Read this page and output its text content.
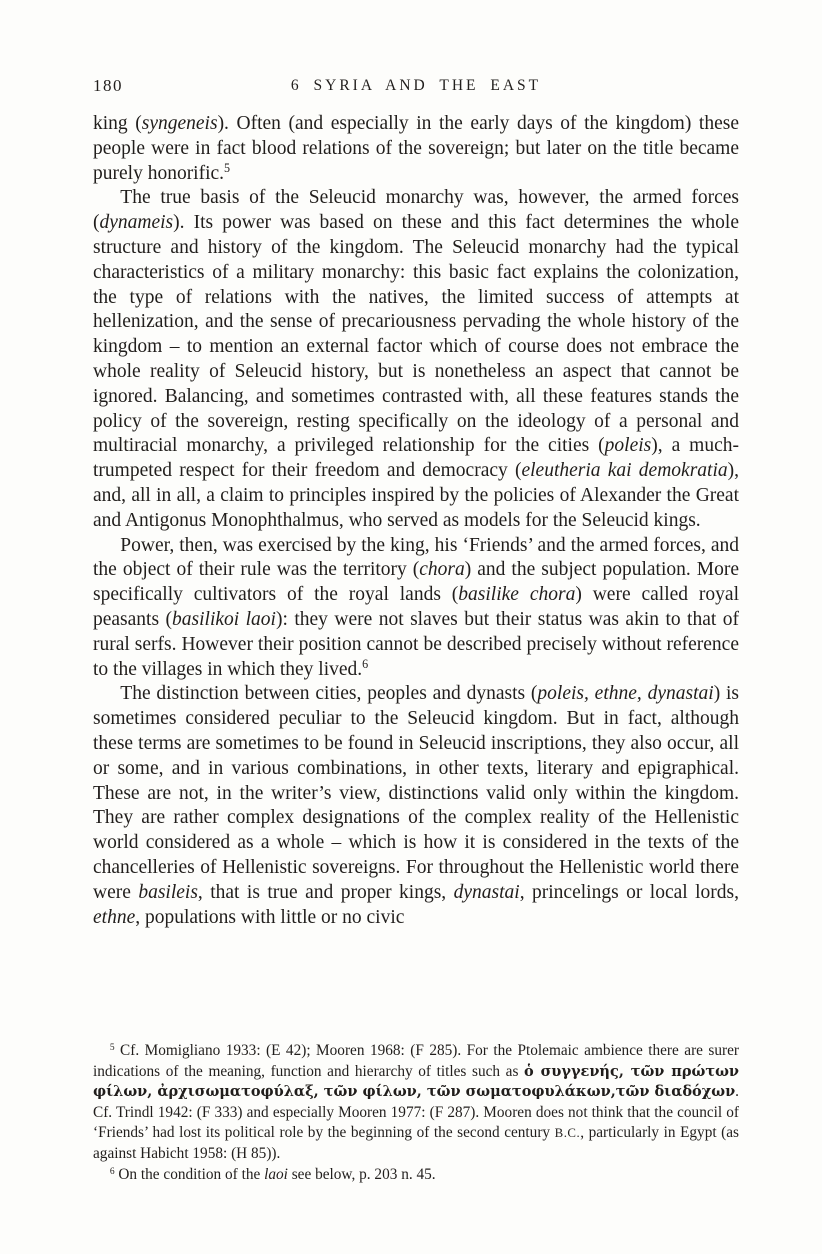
180	6 SYRIA AND THE EAST

king (syngeneis). Often (and especially in the early days of the kingdom) these people were in fact blood relations of the sovereign; but later on the title became purely honorific.$^5$

The true basis of the Seleucid monarchy was, however, the armed forces (dynameis). Its power was based on these and this fact determines the whole structure and history of the kingdom. The Seleucid monarchy had the typical characteristics of a military monarchy: this basic fact explains the colonization, the type of relations with the natives, the limited success of attempts at hellenization, and the sense of precariousness pervading the whole history of the kingdom – to mention an external factor which of course does not embrace the whole reality of Seleucid history, but is nonetheless an aspect that cannot be ignored. Balancing, and sometimes contrasted with, all these features stands the policy of the sovereign, resting specifically on the ideology of a personal and multiracial monarchy, a privileged relationship for the cities (poleis), a much-trumpeted respect for their freedom and democracy (eleutheria kai demokratia), and, all in all, a claim to principles inspired by the policies of Alexander the Great and Antigonus Monophthalmus, who served as models for the Seleucid kings.

Power, then, was exercised by the king, his ‘Friends’ and the armed forces, and the object of their rule was the territory (chora) and the subject population. More specifically cultivators of the royal lands (basilike chora) were called royal peasants (basilikoi laoi): they were not slaves but their status was akin to that of rural serfs. However their position cannot be described precisely without reference to the villages in which they lived.$^6$

The distinction between cities, peoples and dynasts (poleis, ethne, dynastai) is sometimes considered peculiar to the Seleucid kingdom. But in fact, although these terms are sometimes to be found in Seleucid inscriptions, they also occur, all or some, and in various combinations, in other texts, literary and epigraphical. These are not, in the writer’s view, distinctions valid only within the kingdom. They are rather complex designations of the complex reality of the Hellenistic world considered as a whole – which is how it is considered in the texts of the chancelleries of Hellenistic sovereigns. For throughout the Hellenistic world there were basileis, that is true and proper kings, dynastai, princelings or local lords, ethne, populations with little or no civic

$^5$ Cf. Momigliano 1933: (E 42); Mooren 1968: (F 285). For the Ptolemaic ambience there are surer indications of the meaning, function and hierarchy of titles such as ὁ συγγενής, τῶν πρώτων φίλων, ἀρχισωματοφύλαξ, τῶν φίλων, τῶν σωματοφυλάκων,τῶν διαδόχων. Cf. Trindl 1942: (F 333) and especially Mooren 1977: (F 287). Mooren does not think that the council of ‘Friends’ had lost its political role by the beginning of the second century B.C., particularly in Egypt (as against Habicht 1958: (H 85)).

$^6$ On the condition of the laoi see below, p. 203 n. 45.
